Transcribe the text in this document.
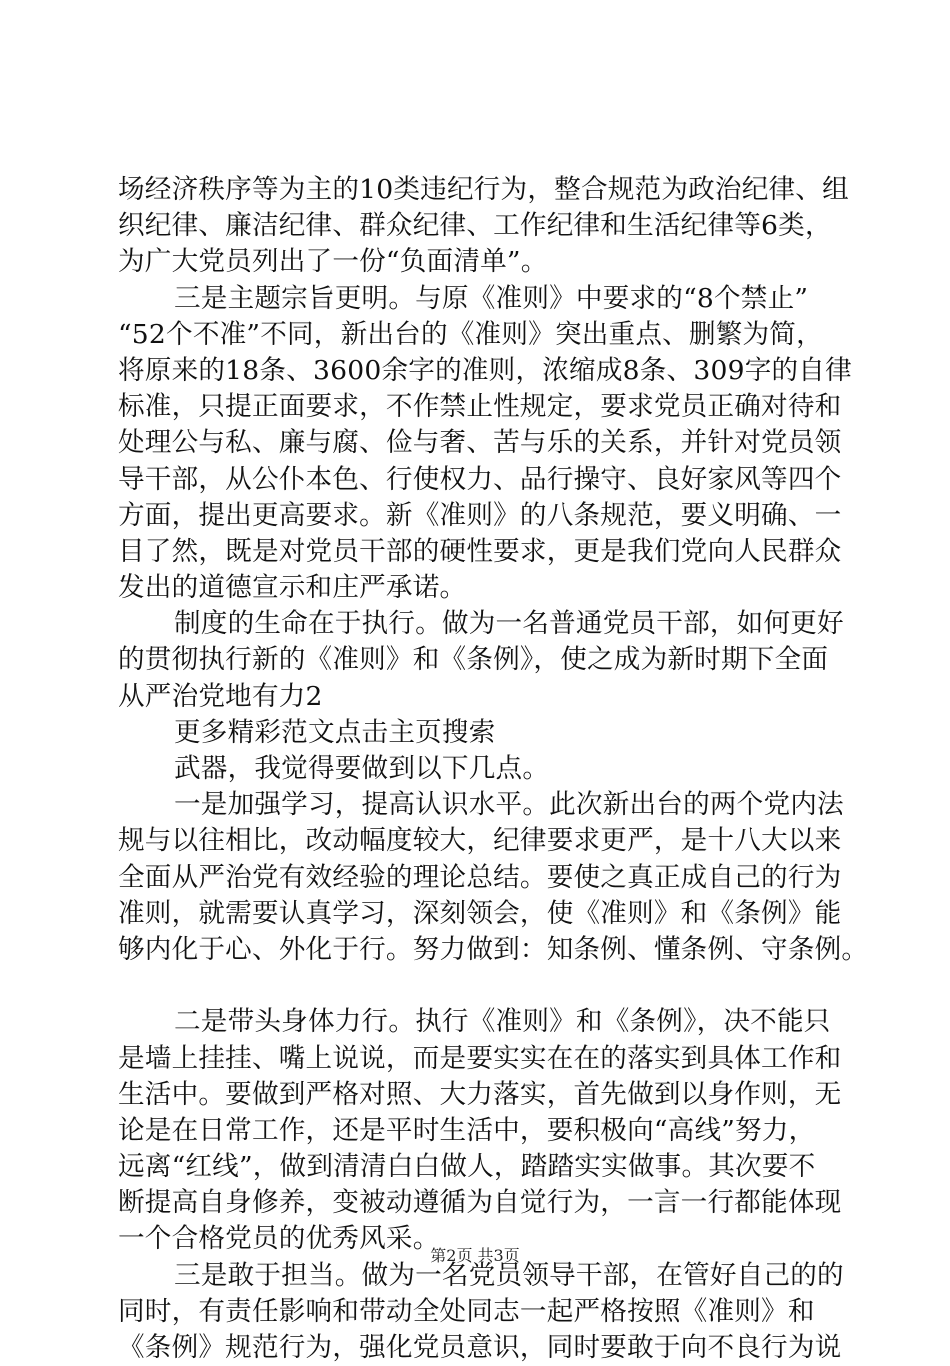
场经济秩序等为主的10类违纪行为，整合规范为政治纪律、组
织纪律、廉洁纪律、群众纪律、工作纪律和生活纪律等6类，
为广大党员列出了一份“负面清单”。
三是主题宗旨更明。与原《准则》中要求的“8个禁止”
“52个不准”不同，新出台的《准则》突出重点、删繁为简，
将原来的18条、3600余字的准则，浓缩成8条、309字的自律
标准，只提正面要求，不作禁止性规定，要求党员正确对待和
处理公与私、廉与腐、俭与奢、苦与乐的关系，并针对党员领
导干部，从公仆本色、行使权力、品行操守、良好家风等四个
方面，提出更高要求。新《准则》的八条规范，要义明确、一
目了然，既是对党员干部的硬性要求，更是我们党向人民群众
发出的道德宣示和庄严承诺。
制度的生命在于执行。做为一名普通党员干部，如何更好
的贯彻执行新的《准则》和《条例》，使之成为新时期下全面
从严治党地有力2
更多精彩范文点击主页搜索
武器，我觉得要做到以下几点。
一是加强学习，提高认识水平。此次新出台的两个党内法
规与以往相比，改动幅度较大，纪律要求更严，是十八大以来
全面从严治党有效经验的理论总结。要使之真正成自己的行为
准则，就需要认真学习，深刻领会，使《准则》和《条例》能
够内化于心、外化于行。努力做到：知条例、懂条例、守条例。
二是带头身体力行。执行《准则》和《条例》，决不能只
是墙上挂挂、嘴上说说，而是要实实在在的落实到具体工作和
生活中。要做到严格对照、大力落实，首先做到以身作则，无
论是在日常工作，还是平时生活中，要积极向“高线”努力，
远离“红线”，做到清清白白做人，踏踏实实做事。其次要不
断提高自身修养，变被动遵循为自觉行为，一言一行都能体现
一个合格党员的优秀风采。
三是敢于担当。做为一名党员领导干部，在管好自己的的
同时，有责任影响和带动全处同志一起严格按照《准则》和
《条例》规范行为，强化党员意识，同时要敢于向不良行为说
第2页 共3页
